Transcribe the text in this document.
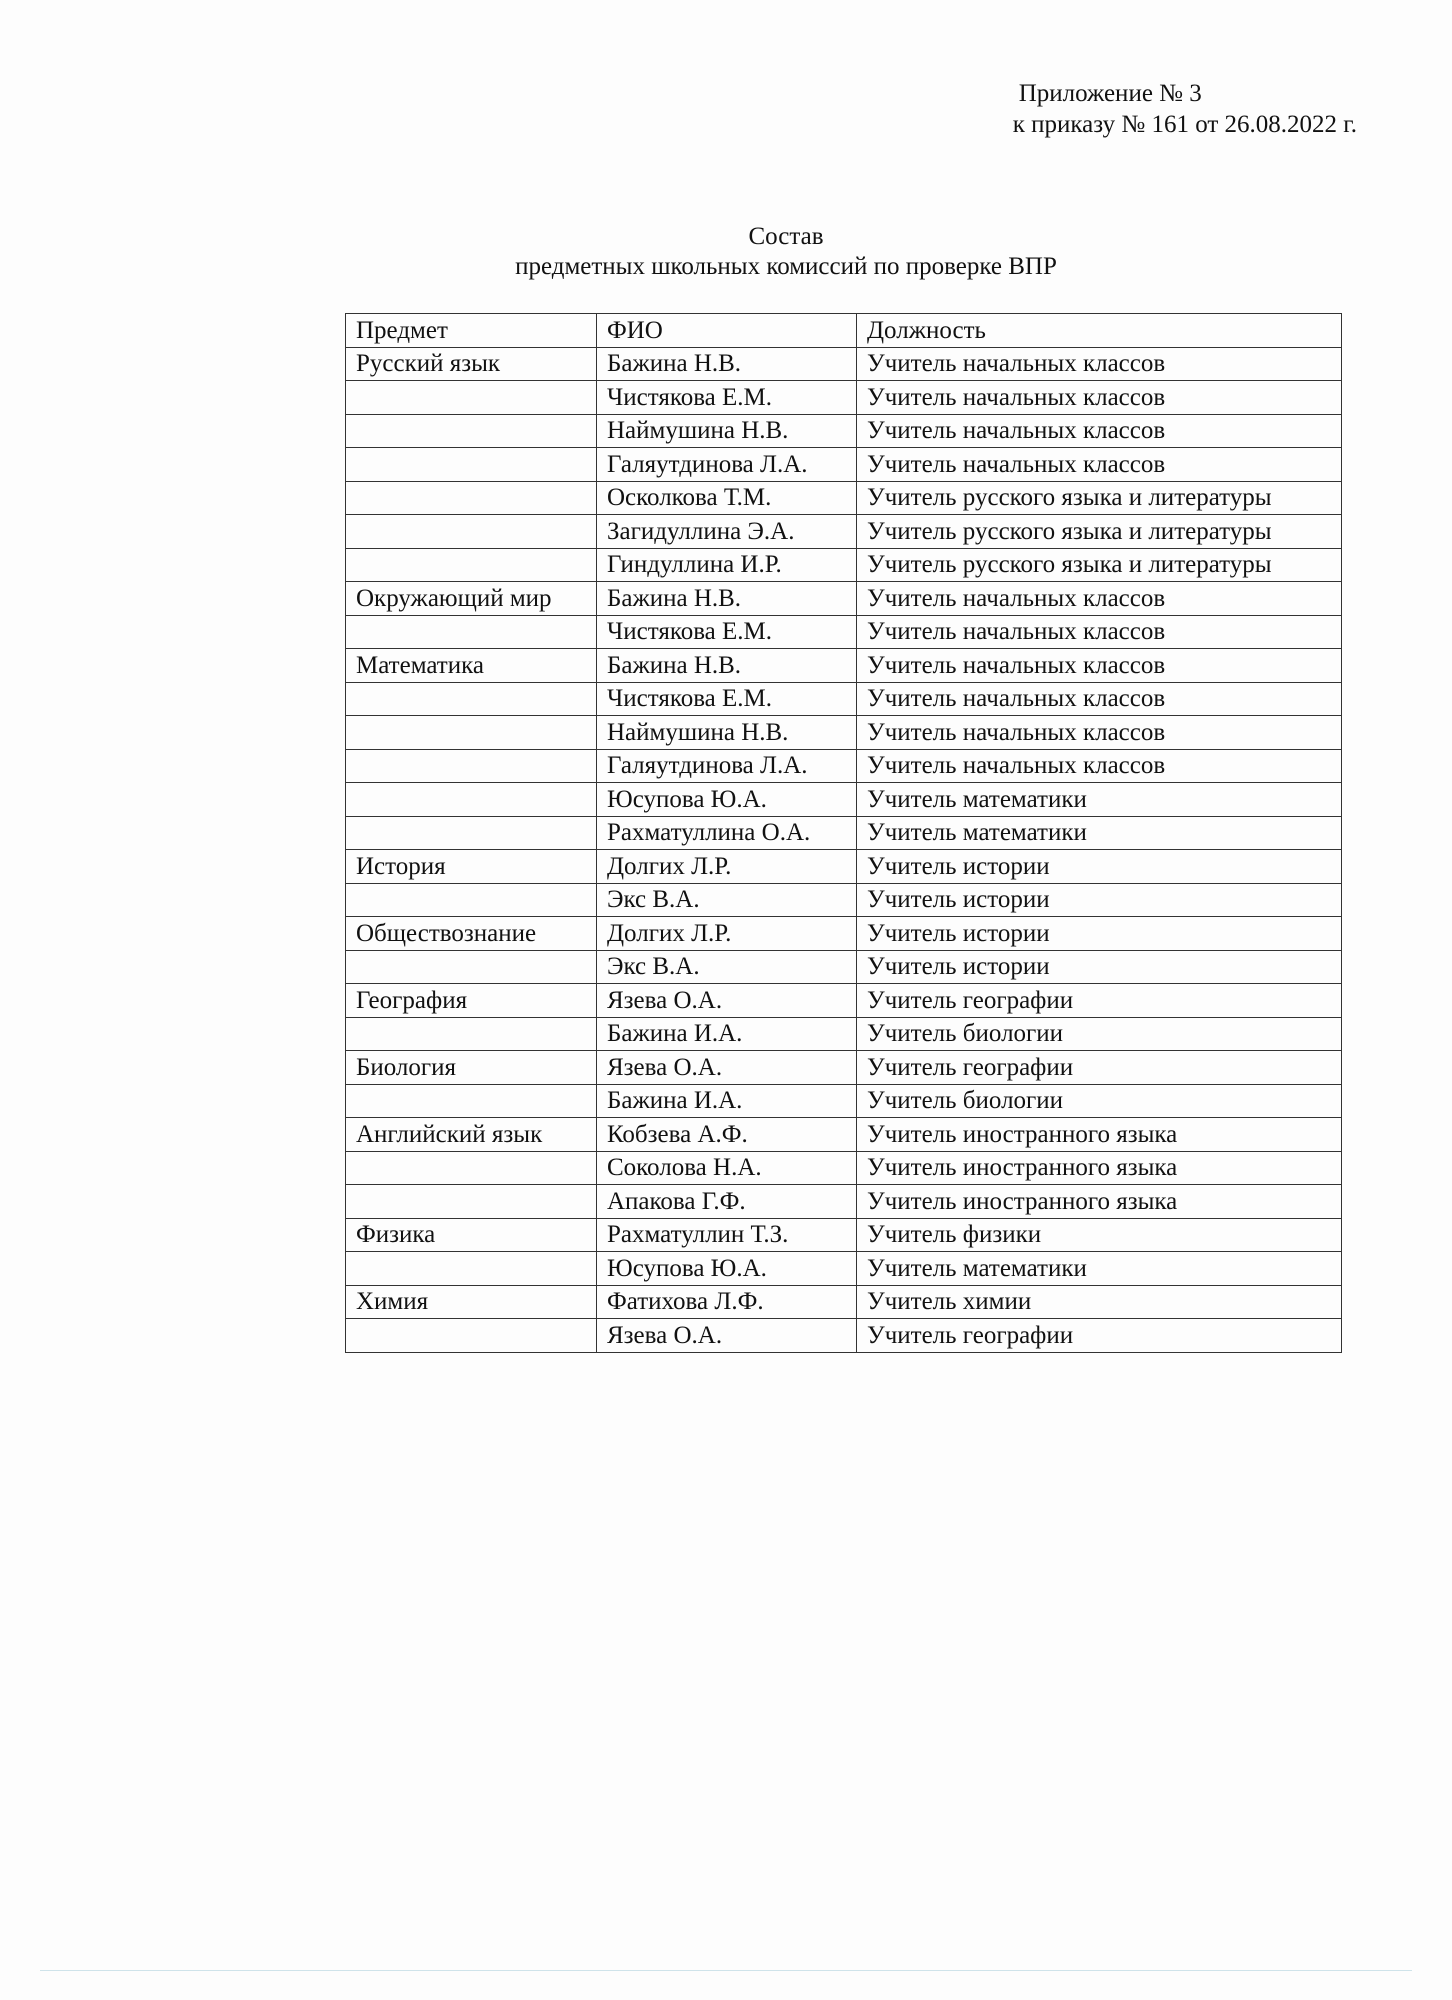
Приложение № 3
к приказу № 161 от 26.08.2022 г.
Состав
предметных школьных комиссий по проверке ВПР
Предмет	ФИО	Должность
Русский язык	Бажина Н.В.	Учитель начальных классов
	Чистякова Е.М.	Учитель начальных классов
	Наймушина Н.В.	Учитель начальных классов
	Галяутдинова Л.А.	Учитель начальных классов
	Осколкова Т.М.	Учитель русского языка и литературы
	Загидуллина Э.А.	Учитель русского языка и литературы
	Гиндуллина И.Р.	Учитель русского языка и литературы
Окружающий мир	Бажина Н.В.	Учитель начальных классов
	Чистякова Е.М.	Учитель начальных классов
Математика	Бажина Н.В.	Учитель начальных классов
	Чистякова Е.М.	Учитель начальных классов
	Наймушина Н.В.	Учитель начальных классов
	Галяутдинова Л.А.	Учитель начальных классов
	Юсупова Ю.А.	Учитель математики
	Рахматуллина О.А.	Учитель математики
История	Долгих Л.Р.	Учитель истории
	Экс В.А.	Учитель истории
Обществознание	Долгих Л.Р.	Учитель истории
	Экс В.А.	Учитель истории
География	Язева О.А.	Учитель географии
	Бажина И.А.	Учитель биологии
Биология	Язева О.А.	Учитель географии
	Бажина И.А.	Учитель биологии
Английский язык	Кобзева А.Ф.	Учитель иностранного языка
	Соколова Н.А.	Учитель иностранного языка
	Апакова Г.Ф.	Учитель иностранного языка
Физика	Рахматуллин Т.З.	Учитель физики
	Юсупова Ю.А.	Учитель математики
Химия	Фатихова Л.Ф.	Учитель химии
	Язева О.А.	Учитель географии
